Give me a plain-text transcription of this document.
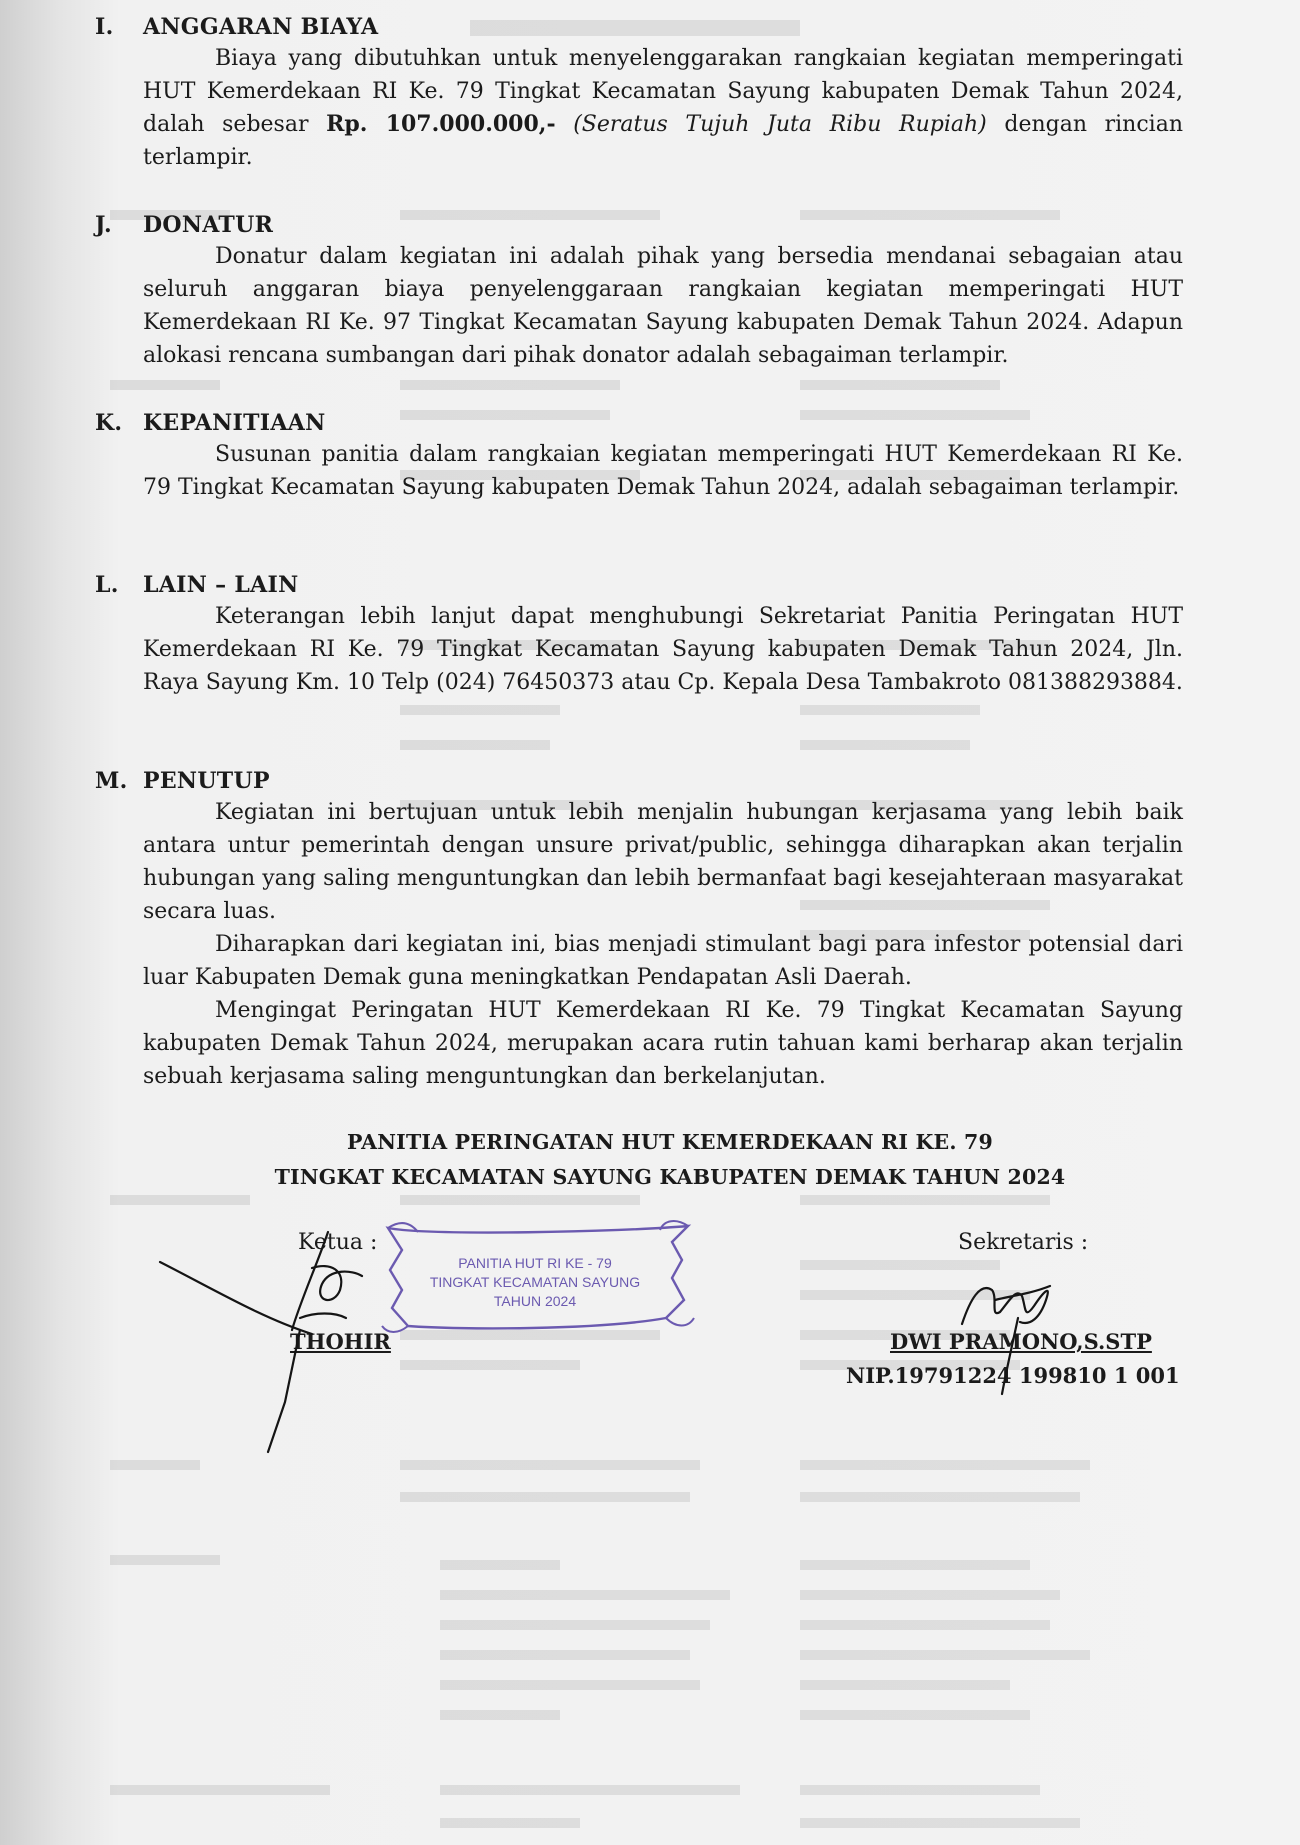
I. ANGGARAN BIAYA

Biaya yang dibutuhkan untuk menyelenggarakan rangkaian kegiatan memperingati HUT Kemerdekaan RI Ke. 79 Tingkat Kecamatan Sayung kabupaten Demak Tahun 2024, dalah sebesar Rp. 107.000.000,- (Seratus Tujuh Juta Ribu Rupiah) dengan rincian terlampir.

J. DONATUR

Donatur dalam kegiatan ini adalah pihak yang bersedia mendanai sebagaian atau seluruh anggaran biaya penyelenggaraan rangkaian kegiatan memperingati HUT Kemerdekaan RI Ke. 97 Tingkat Kecamatan Sayung kabupaten Demak Tahun 2024. Adapun alokasi rencana sumbangan dari pihak donator adalah sebagaiman terlampir.

K. KEPANITIAAN

Susunan panitia dalam rangkaian kegiatan memperingati HUT Kemerdekaan RI Ke. 79 Tingkat Kecamatan Sayung kabupaten Demak Tahun 2024, adalah sebagaiman terlampir.

L. LAIN – LAIN

Keterangan lebih lanjut dapat menghubungi Sekretariat Panitia Peringatan HUT Kemerdekaan RI Ke. 79 Tingkat Kecamatan Sayung kabupaten Demak Tahun 2024, Jln. Raya Sayung Km. 10 Telp (024) 76450373 atau Cp. Kepala Desa Tambakroto 081388293884.

M. PENUTUP

Kegiatan ini bertujuan untuk lebih menjalin hubungan kerjasama yang lebih baik antara untur pemerintah dengan unsure privat/public, sehingga diharapkan akan terjalin hubungan yang saling menguntungkan dan lebih bermanfaat bagi kesejahteraan masyarakat secara luas.

Diharapkan dari kegiatan ini, bias menjadi stimulant bagi para infestor potensial dari luar Kabupaten Demak guna meningkatkan Pendapatan Asli Daerah.

Mengingat Peringatan HUT Kemerdekaan RI Ke. 79 Tingkat Kecamatan Sayung kabupaten Demak Tahun 2024, merupakan acara rutin tahuan kami berharap akan terjalin sebuah kerjasama saling menguntungkan dan berkelanjutan.

PANITIA PERINGATAN HUT KEMERDEKAAN RI KE. 79
TINGKAT KECAMATAN SAYUNG KABUPATEN DEMAK TAHUN 2024
PANITIA HUT RI KE - 79
TINGKAT KECAMATAN SAYUNG
TAHUN 2024
Ketua :
THOHIR
Sekretaris :
DWI PRAMONO,S.STP
NIP.19791224 199810 1 001
